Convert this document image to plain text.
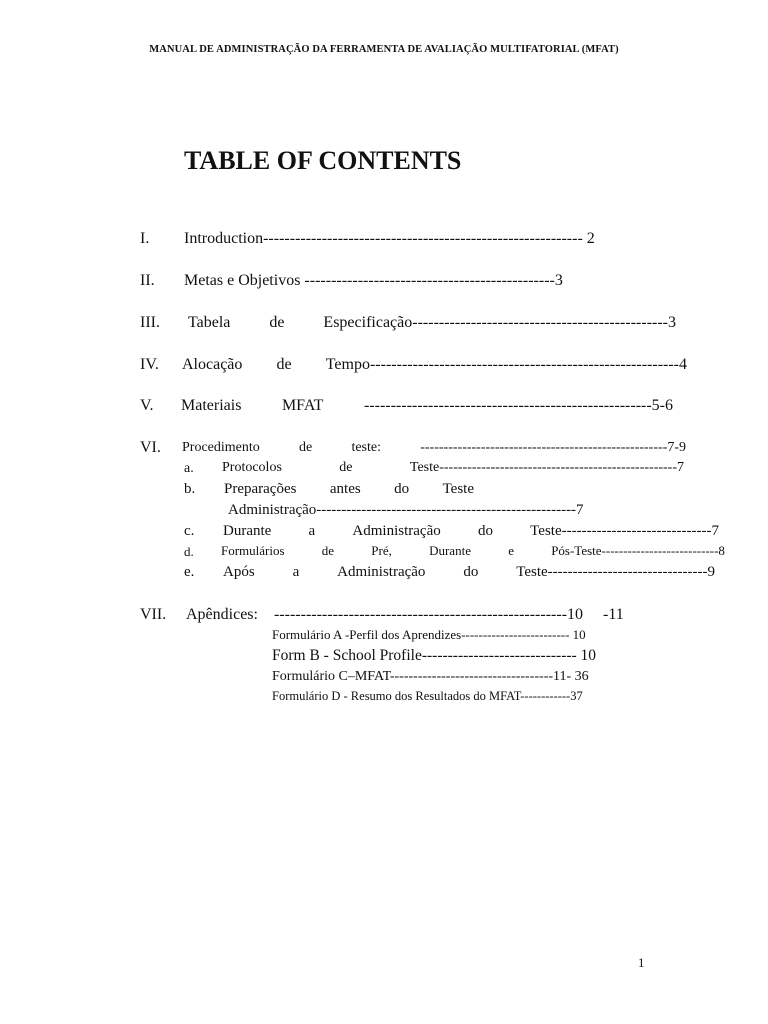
MANUAL DE ADMINISTRAÇÃO DA FERRAMENTA DE AVALIAÇÃO MULTIFATORIAL (MFAT)
TABLE OF CONTENTS
I. Introduction------------------------------------------------------------ 2
II. Metas e Objetivos -----------------------------------------------3
III. Tabela de Especificação------------------------------------------------3
IV. Alocação de Tempo----------------------------------------------------------4
V. Materiais	MFAT	------------------------------------------------------5-6
VI. Procedimento	de	teste:	-----------------------------------------------------7-9
a. Protocolos	de	Teste---------------------------------------------------7
b. Preparações antes do Teste
Administração----------------------------------------------------7
c. Durante a Administração do Teste------------------------------7
d. Formulários	de	Pré,	Durante	e	Pós-Teste---------------------------8
e. Após	a	Administração	do	Teste--------------------------------9
VII. Apêndices:    -------------------------------------------------------10     -11
Formulário A -Perfil dos Aprendizes------------------------- 10
Form B - School Profile------------------------------ 10
Formulário C–MFAT-----------------------------------11- 36
Formulário D - Resumo dos Resultados do MFAT------------37
1
